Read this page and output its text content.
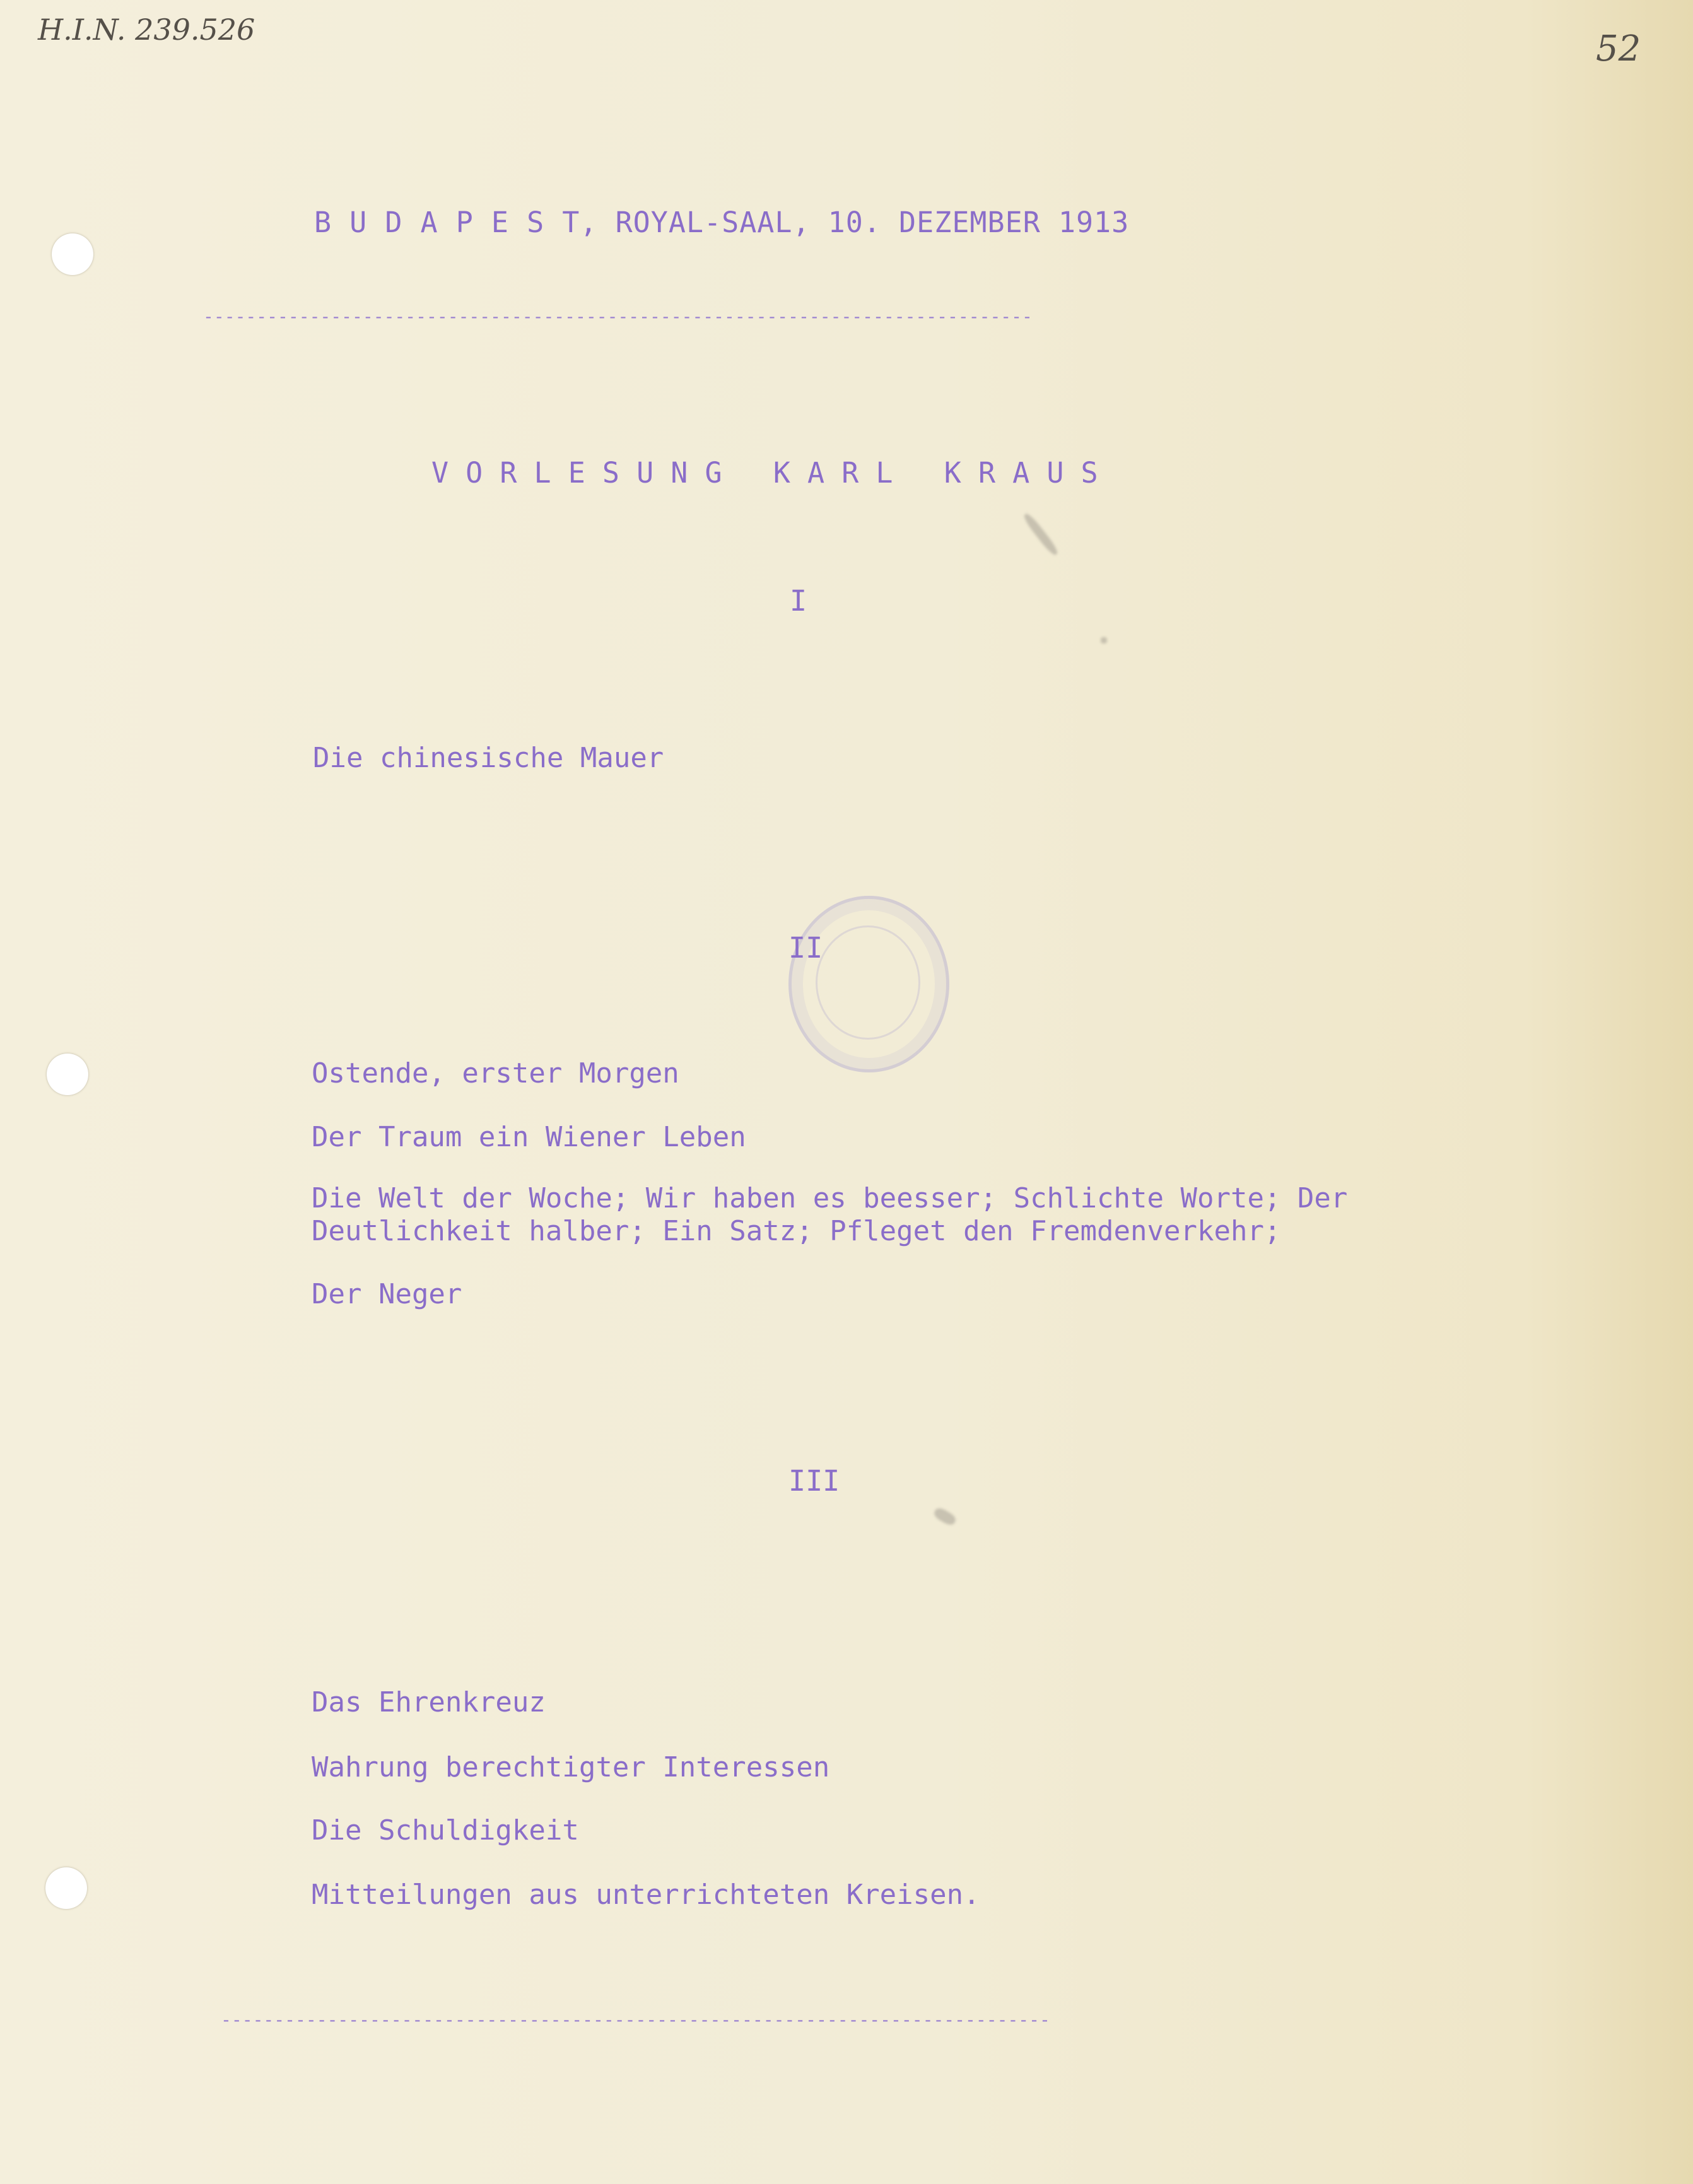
H.I.N. 239.526	52
B U D A P E S T, ROYAL-SAAL, 10. DEZEMBER 1913
------------------------------------------------------------------------------
V O R L E S U N G   K A R L   K R A U S
I
Die chinesische Mauer
II
Ostende, erster Morgen
Der Traum ein Wiener Leben
Die Welt der Woche; Wir haben es beesser; Schlichte Worte; Der
Deutlichkeit halber; Ein Satz; Pfleget den Fremdenverkehr;
Der Neger
III
Das Ehrenkreuz
Wahrung berechtigter Interessen
Die Schuldigkeit
Mitteilungen aus unterrichteten Kreisen.
------------------------------------------------------------------------------
